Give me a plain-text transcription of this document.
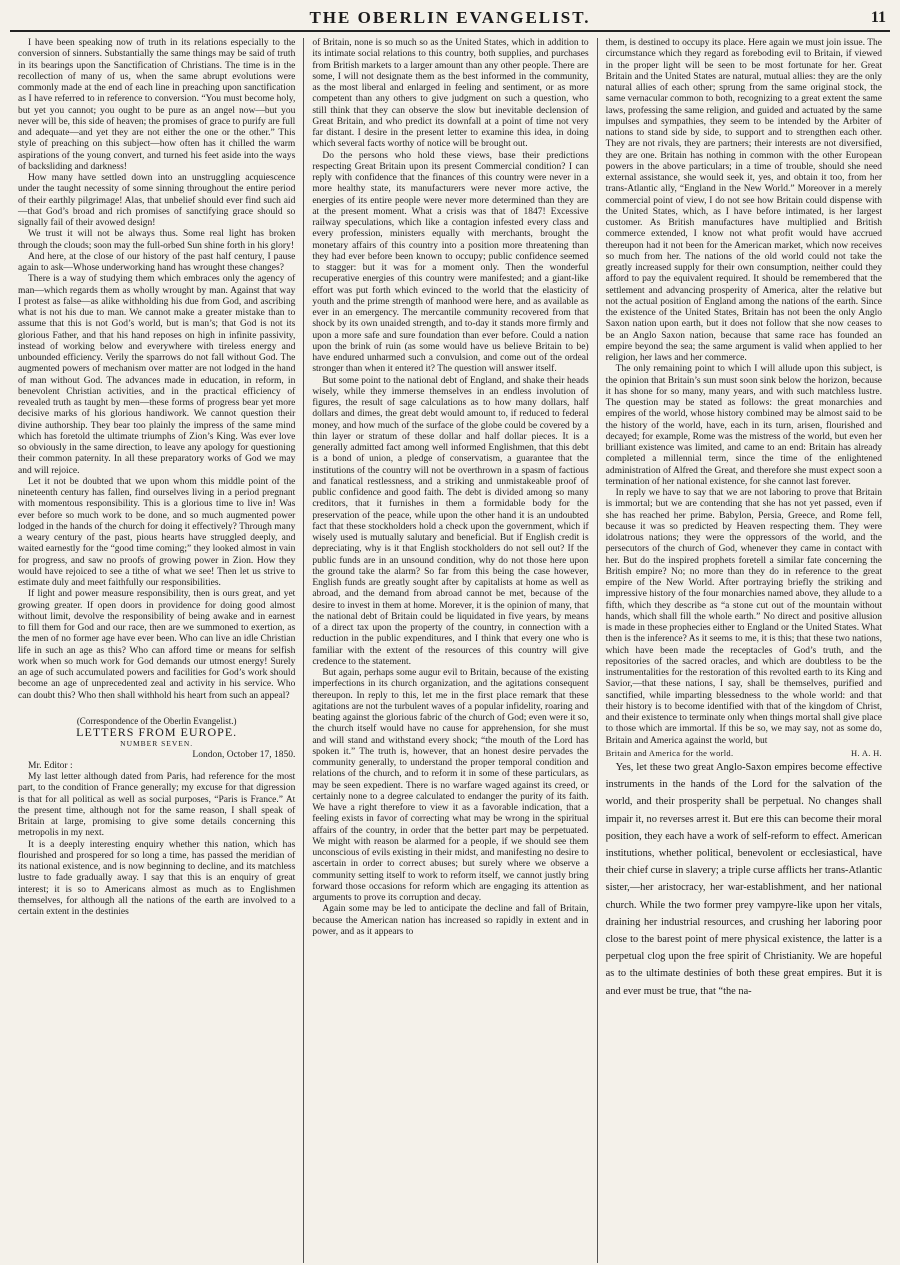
THE OBERLIN EVANGELIST.	11

I have been speaking now of truth in its relations especially to the conversion of sinners. Substantially the same things may be said of truth in its bearings upon the Sanctification of Christians. The time is in the recollection of many of us, when the same abrupt evolutions were commonly made at the end of each line in preaching upon sanctification as I have referred to in reference to conversion. “You must become holy, but yet you cannot; you ought to be pure as an angel now—but you never will be, this side of heaven; the promises of grace to purify are full and adequate—and yet they are not either the one or the other.” This style of preaching on this subject—how often has it chilled the warm aspirations of the young convert, and turned his feet aside into the ways of backsliding and darkness!

How many have settled down into an unstruggling acquiescence under the taught necessity of some sinning throughout the entire period of their earthly pilgrimage! Alas, that unbelief should ever find such aid—that God’s broad and rich promises of sanctifying grace should so signally fail of their avowed design!

We trust it will not be always thus. Some real light has broken through the clouds; soon may the full-orbed Sun shine forth in his glory!

And here, at the close of our history of the past half century, I pause again to ask—Whose underworking hand has wrought these changes?

There is a way of studying them which embraces only the agency of man—which regards them as wholly wrought by man. Against that way I protest as false—as alike withholding his due from God, and ascribing what is not his due to man. We cannot make a greater mistake than to assume that this is not God’s world, but is man’s; that God is not its glorious Father, and that his hand reposes on high in infinite passivity, instead of working below and everywhere with tireless energy and unbounded efficiency. Verily the sparrows do not fall without God. The augmented powers of mechanism over matter are not lodged in the hand of man without God. The advances made in education, in reform, in benevolent Christian activities, and in the practical efficiency of revealed truth as taught by men—these forms of progress bear yet more decisive marks of his glorious handiwork. We cannot question their divine authorship. They bear too plainly the impress of the same mind which has foretold the ultimate triumphs of Zion’s King. Was ever love so obviously in the same direction, to leave any apology for questioning their common paternity. In all these preparatory works of God we may and will rejoice.

Let it not be doubted that we upon whom this middle point of the nineteenth century has fallen, find ourselves living in a period pregnant with momentous responsibility. This is a glorious time to live in! Was ever before so much work to be done, and so much augmented power lodged in the hands of the church for doing it effectively? Through many a weary century of the past, pious hearts have struggled deeply, and waited earnestly for the “good time coming;” they looked almost in vain for progress, and saw no proofs of growing power in Zion. How they would have rejoiced to see a tithe of what we see! Then let us strive to estimate duly and meet faithfully our responsibilities.

If light and power measure responsibility, then is ours great, and yet growing greater. If open doors in providence for doing good almost without limit, devolve the responsibility of being awake and in earnest to fill them for God and our race, then are we summoned to exertion, as the men of no former age have ever been. Who can live an idle Christian life in such an age as this? Who can afford time or means for selfish work when so much work for God demands our utmost energy! Surely an age of such accumulated powers and facilities for God’s work should become an age of unprecedented zeal and activity in his service. Who can doubt this? Who then shall withhold his heart from such an appeal?

(Correspondence of the Oberlin Evangelist.)

LETTERS FROM EUROPE.

NUMBER SEVEN.

London, October 17, 1850.

Mr. Editor :

My last letter although dated from Paris, had reference for the most part, to the condition of France generally; my excuse for that digression is that for all political as well as social purposes, “Paris is France.” At the present time, although not for the same reason, I shall speak of Britain at large, promising to give some details concerning this metropolis in my next.

It is a deeply interesting enquiry whether this nation, which has flourished and prospered for so long a time, has passed the meridian of its national existence, and is now beginning to decline, and its matchless lustre to fade gradually away. I say that this is an enquiry of great interest; it is so to Americans almost as much as to Englishmen themselves, for although all the nations of the earth are involved to a certain extent in the destinies

of Britain, none is so much so as the United States, which in addition to its intimate social relations to this country, both supplies, and purchases from British markets to a larger amount than any other people. There are some, I will not designate them as the best informed in the community, as the most liberal and enlarged in feeling and sentiment, or as more competent than any others to give judgment on such a question, who still think that they can observe the slow but inevitable declension of Great Britain, and who predict its downfall at a point of time not very far distant. I desire in the present letter to examine this idea, in doing which several facts worthy of notice will be brought out.

Do the persons who hold these views, base their predictions respecting Great Britain upon its present Commercial condition? I can reply with confidence that the finances of this country were never in a more healthy state, its manufacturers were never more active, the energies of its entire people were never more determined than they are at the present moment. What a crisis was that of 1847! Excessive railway speculations, which like a contagion infested every class and every profession, ministers equally with merchants, brought the monetary affairs of this country into a position more threatening than they had ever before been known to occupy; public confidence seemed to stagger: but it was for a moment only. Then the wonderful recuperative energies of this country were manifested; and a giant-like effort was put forth which evinced to the world that the elasticity of youth and the prime strength of manhood were here, and as available as ever in an emergency. The mercantile community recovered from that shock by its own unaided strength, and to-day it stands more firmly and upon a more safe and sure foundation than ever before. Could a nation upon the brink of ruin (as some would have us believe Britain to be) have endured unharmed such a convulsion, and come out of the ordeal stronger than when it entered it? The question will answer itself.

But some point to the national debt of England, and shake their heads wisely, while they immerse themselves in an endless involution of figures, the result of sage calculations as to how many dollars, half dollars and dimes, the great debt would amount to, if reduced to federal money, and how much of the surface of the globe could be covered by a thin layer or stratum of these dollar and half dollar pieces. It is a generally admitted fact among well informed Englishmen, that this debt is a bond of union, a pledge of conservatism, a guarantee that the institutions of the country will not be overthrown in a spasm of factious and fanatical restlessness, and a striking and unmistakeable proof of public confidence and good faith. The debt is divided among so many creditors, that it furnishes in them a formidable body for the preservation of the peace, while upon the other hand it is an undoubted fact that these stockholders hold a check upon the government, which if wisely used is mutually salutary and beneficial. But if English credit is depreciating, why is it that English stockholders do not sell out? If the public funds are in an unsound condition, why do not those here upon the ground take the alarm? So far from this being the case however, English funds are greatly sought after by capitalists at home as well as abroad, and the demand from abroad cannot be met, because of the desire to invest in them at home. Morever, it is the opinion of many, that the national debt of Britain could be liquidated in five years, by means of a direct tax upon the property of the country, in connection with a reduction in the public expenditures, and I think that every one who is familiar with the extent of the resources of this country will give credence to the statement.

But again, perhaps some augur evil to Britain, because of the existing imperfections in its church organization, and the agitations consequent thereupon. In reply to this, let me in the first place remark that these agitations are not the turbulent waves of a popular infidelity, roaring and beating against the glorious fabric of the church of God; even were it so, the church itself would have no cause for apprehension, for she must and will stand and withstand every shock; “the mouth of the Lord has spoken it.” The truth is, however, that an honest desire pervades the community generally, to understand the proper temporal condition and relations of the church, and to reform it in some of these particulars, as may be seen expedient. There is no warfare waged against its creed, or certainly none to a degree calculated to endanger the purity of its faith. We have a right therefore to view it as a favorable indication, that a feeling exists in favor of correcting what may be wrong in the spiritual affairs of the country, in order that the better part may be perpetuated. We might with reason be alarmed for a people, if we should see them unconscious of evils existing in their midst, and manifesting no desire to ascertain in order to correct abuses; but surely where we observe a community setting itself to work to reform itself, we cannot justly bring forward those occasions for reform which are engaging its attention as arguments to prove its corruption and decay.

Again some may be led to anticipate the decline and fall of Britain, because the American nation has increased so rapidly in extent and in power, and as it appears to

them, is destined to occupy its place. Here again we must join issue. The circumstance which they regard as foreboding evil to Britain, if viewed in the proper light will be seen to be most fortunate for her. Great Britain and the United States are natural, mutual allies: they are the only natural allies of each other; sprung from the same original stock, the same vernacular common to both, recognizing to a great extent the same laws, professing the same religion, and guided and actuated by the same impulses and sympathies, they seem to be intended by the Arbiter of nations to stand side by side, to support and to strengthen each other. They are not rivals, they are partners; their interests are not diversified, they are one. Britain has nothing in common with the other European powers in the above particulars; in a time of trouble, should she need external assistance, she would seek it, yes, and obtain it too, from her trans-Atlantic ally, “England in the New World.” Moreover in a merely commercial point of view, I do not see how Britain could dispense with the United States, which, as I have before intimated, is her largest customer. As British manufactures have multiplied and British commerce extended, I know not what profit would have accrued thereupon had it not been for the American market, which now receives so much from her. The nations of the old world could not take the greatly increased supply for their own consumption, neither could they afford to pay the equivalent required. It should be remembered that the settlement and advancing prosperity of America, alter the relative but not the actual position of England among the nations of the earth. Since the existence of the United States, Britain has not been the only Anglo Saxon nation upon earth, but it does not follow that she now ceases to be an Anglo Saxon nation, because that same race has founded an empire beyond the sea; the same argument is valid when applied to her religion, her laws and her commerce.

The only remaining point to which I will allude upon this subject, is the opinion that Britain’s sun must soon sink below the horizon, because it has shone for so many, many years, and with such matchless lustre. The question may be stated as follows: the great monarchies and empires of the world, whose history combined may be almost said to be the history of the world, have, each in its turn, arisen, flourished and decayed; for example, Rome was the mistress of the world, but even her brilliant existence was limited, and came to an end: Britain has already completed a millennial term, since the time of the enlightened administration of Alfred the Great, and therefore she must expect soon a termination of her national existence, for she cannot last forever.

In reply we have to say that we are not laboring to prove that Britain is immortal; but we are contending that she has not yet passed, even if she has reached her prime. Babylon, Persia, Greece, and Rome fell, because it was so predicted by Heaven respecting them. They were idolatrous nations; they were the oppressors of the world, and the persecutors of the church of God, whenever they came in contact with her. But do the inspired prophets foretell a similar fate concerning the British empire? No; no more than they do in reference to the great empire of the New World. After portraying briefly the striking and impressive history of the four monarchies named above, they allude to a fifth, which they describe as “a stone cut out of the mountain without hands, which shall fill the whole earth.” No direct and positive allusion is made in these prophecies either to England or the United States. What then is the inference? As it seems to me, it is this; that these two nations, which have been made the receptacles of God’s truth, and the repositories of the sacred oracles, and which are doubtless to be the instrumentalities for the restoration of this revolted earth to its King and Savior,—that these nations, I say, shall be themselves, purified and sanctified, while imparting blessedness to the whole world: and that their history is to become identified with that of the kingdom of Christ, and their existence to terminate only when things mortal shall give place to those which are immortal. If this be so, we may say, not as some do, Britain and America against the world, but

Britain and America for the world.	H. A. H.

Yes, let these two great Anglo-Saxon empires become effective instruments in the hands of the Lord for the salvation of the world, and their prosperity shall be perpetual. No changes shall impair it, no reverses arrest it. But ere this can become their moral position, they each have a work of self-reform to effect. American institutions, whether political, benevolent or ecclesiastical, have their chief curse in slavery; a triple curse afflicts her trans-Atlantic sister,—her aristocracy, her war-establishment, and her national church. While the two former prey vampyre-like upon her vitals, draining her industrial resources, and crushing her laboring poor close to the barest point of mere physical existence, the latter is a perpetual clog upon the free spirit of Christianity. We are hopeful as to the ultimate destinies of both these great empires. But it is and ever must be true, that “the na-
